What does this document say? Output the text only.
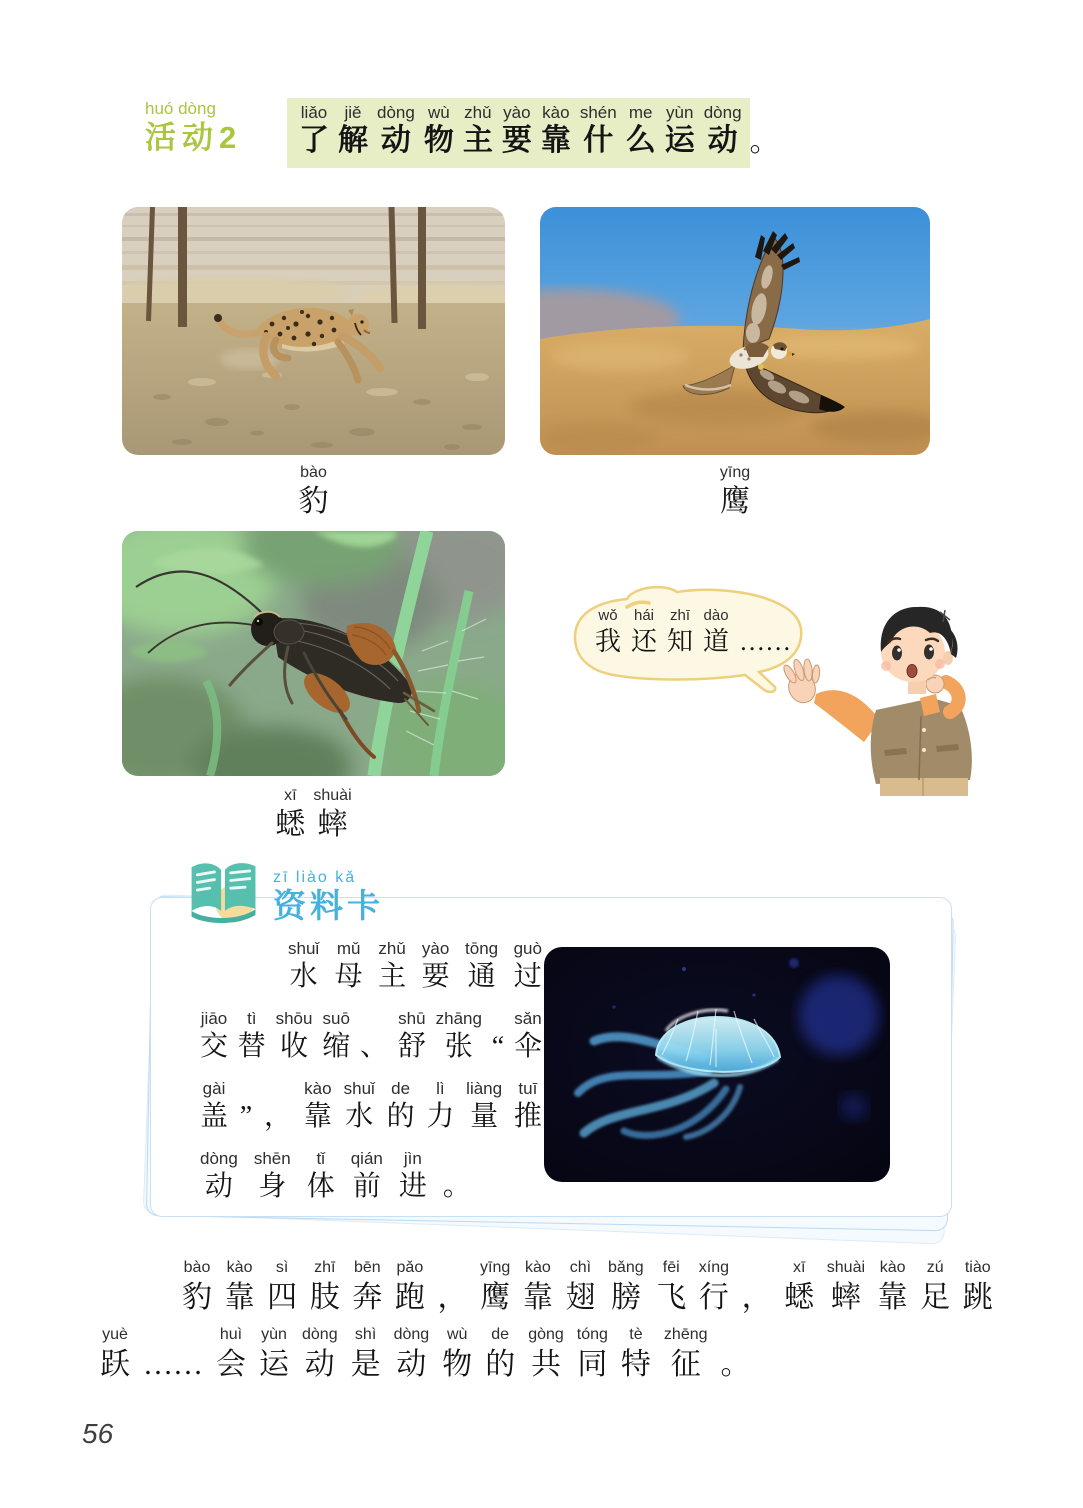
huó dòng
活动2
liǎo
了
jiě
解
dòng
动
wù
物
zhǔ
主
yào
要
kào
靠
shén
什
me
么
yùn
运
dòng
动 。
bào
豹
yīng
鹰
wǒ
我
hái
还
zhī
知
dào
道 ……
xī
蟋
shuài
蟀
zī liào kǎ
资料卡
shuǐ
水
mǔ
母
zhǔ
主
yào
要
tōng
通
guò
过
jiāo
交
tì
替
shōu
收
suō
缩 、
shū
舒
zhāng
张 “
sǎn
伞
gài
盖 ” ，
kào
靠
shuǐ
水
de
的
lì
力
liàng
量
tuī
推
dòng
动
shēn
身
tǐ
体
qián
前
jìn
进 。
bào
豹
kào
靠
sì
四
zhī
肢
bēn
奔
pǎo
跑 ，
yīng
鹰
kào
靠
chì
翅
bǎng
膀
fēi
飞
xíng
行 ，
xī
蟋
shuài
蟀
kào
靠
zú
足
tiào
跳
yuè
跃 ……
huì
会
yùn
运
dòng
动
shì
是
dòng
动
wù
物
de
的
gòng
共
tóng
同
tè
特
zhēng
征 。
56
